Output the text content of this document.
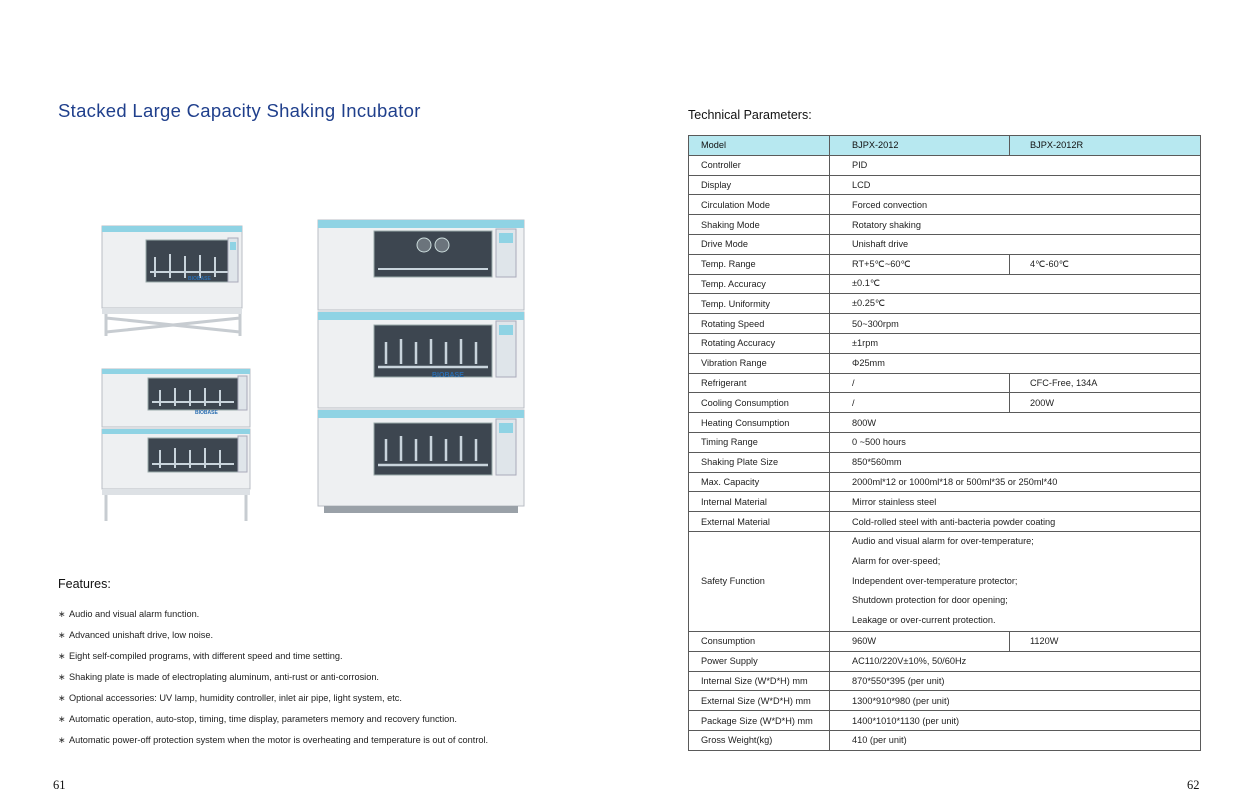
Stacked Large Capacity Shaking Incubator	Technical Parameters:
BIOBASE
BIOBASE
BIOBASE
Features:
∗ Audio and visual alarm function.
∗ Advanced unishaft drive, low noise.
∗ Eight self-compiled programs, with different speed and time setting.
∗ Shaking plate is made of electroplating aluminum, anti-rust or anti-corrosion.
∗ Optional accessories: UV lamp, humidity controller, inlet air pipe, light system, etc.
∗ Automatic operation, auto-stop, timing, time display, parameters memory and recovery function.
∗ Automatic power-off protection system when the motor is overheating and temperature is out of control.
Model	BJPX-2012	BJPX-2012R
Controller	PID	
Display	LCD	
Circulation Mode	Forced convection	
Shaking Mode	Rotatory shaking	
Drive Mode	Unishaft drive	
Temp. Range	RT+5℃~60℃	4℃-60℃
Temp. Accuracy	±0.1℃	
Temp. Uniformity	±0.25℃	
Rotating Speed	50~300rpm	
Rotating Accuracy	±1rpm	
Vibration Range	Φ25mm	
Refrigerant	/	CFC-Free, 134A
Cooling Consumption	/	200W
Heating Consumption	800W	
Timing Range	0 ~500 hours	
Shaking Plate Size	850*560mm	
Max. Capacity	2000ml*12 or 1000ml*18 or 500ml*35 or 250ml*40	
Internal Material	Mirror stainless steel	
External Material	Cold-rolled steel with anti-bacteria powder coating	
Safety Function	Audio and visual alarm for over-temperature;
Alarm for over-speed;
Independent over-temperature protector;
Shutdown protection for door opening;
Leakage or over-current protection.	

Consumption	960W	1120W
Power Supply	AC110/220V±10%, 50/60Hz	
Internal Size (W*D*H) mm	870*550*395 (per unit)	
External Size (W*D*H) mm	1300*910*980 (per unit)	
Package Size (W*D*H) mm	1400*1010*1130 (per unit)	
Gross Weight(kg)	410 (per unit)	
61	62
